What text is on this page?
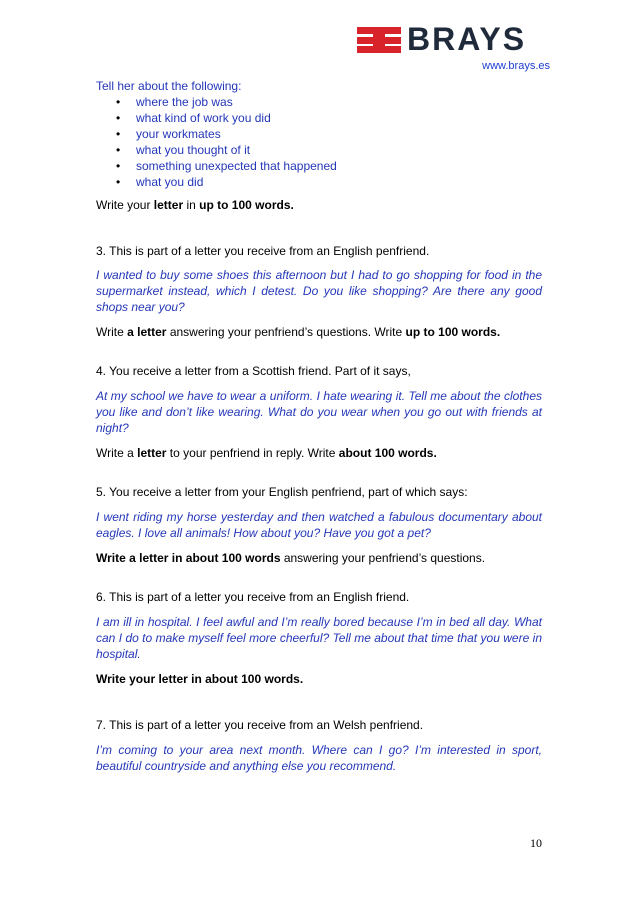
BRAYS
www.brays.es

Tell her about the following:

• where the job was
• what kind of work you did
• your workmates
• what you thought of it
• something unexpected that happened
• what you did

Write your letter in up to 100 words.

3. This is part of a letter you receive from an English penfriend.

I wanted to buy some shoes this afternoon but I had to go shopping for food in the supermarket instead, which I detest. Do you like shopping? Are there any good shops near you?

Write a letter answering your penfriend’s questions. Write up to 100 words.

4. You receive a letter from a Scottish friend. Part of it says,

At my school we have to wear a uniform. I hate wearing it. Tell me about the clothes you like and don’t like wearing. What do you wear when you go out with friends at night?

Write a letter to your penfriend in reply. Write about 100 words.

5. You receive a letter from your English penfriend, part of which says:

I went riding my horse yesterday and then watched a fabulous documentary about eagles. I love all animals! How about you? Have you got a pet?

Write a letter in about 100 words answering your penfriend’s questions.

6. This is part of a letter you receive from an English friend.

I am ill in hospital. I feel awful and I’m really bored because I’m in bed all day. What can I do to make myself feel more cheerful? Tell me about that time that you were in hospital.

Write your letter in about 100 words.

7. This is part of a letter you receive from an Welsh penfriend.

I’m coming to your area next month. Where can I go? I’m interested in sport, beautiful countryside and anything else you recommend.

10
